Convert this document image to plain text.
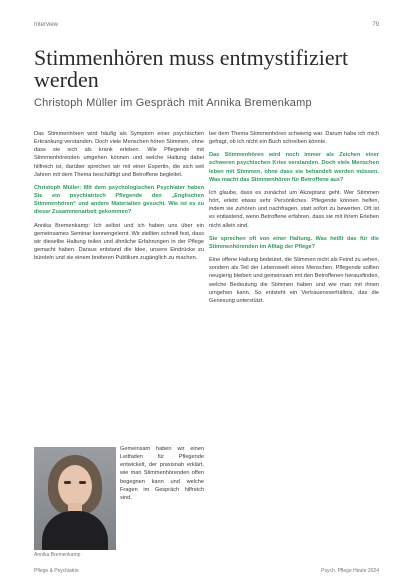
Interview	79
Stimmenhören muss entmystifiziert werden
Christoph Müller im Gespräch mit Annika Bremenkamp

Das Stimmenhören wird häufig als Symptom einer psychischen Erkrankung verstanden. Doch viele Menschen hören Stimmen, ohne dass sie sich als krank erleben. Wie Pflegende mit Stimmenhörenden umgehen können und welche Haltung dabei hilfreich ist, darüber sprechen wir mit einer Expertin, die sich seit Jahren mit dem Thema beschäftigt und Betroffene begleitet.

Christoph Müller: Mit dem psychologischen Psychiater haben Sie ein psychiatrisch Pflegende den „Englischen Stimmenhören“ und andere Materialien gesucht. Wie ist es zu dieser Zusammenarbeit gekommen?

Annika Bremenkamp: Ich selbst und ich haben uns über ein gemeinsames Seminar kennengelernt. Wir stellten schnell fest, dass wir dieselbe Haltung teilen und ähnliche Erfahrungen in der Pflege gemacht haben. Daraus entstand die Idee, unsere Eindrücke zu bündeln und sie einem breiteren Publikum zugänglich zu machen.

Annika Bremenkamp
Gemeinsam haben wir einen Leitfaden für Pflegende entwickelt, der praxisnah erklärt, wie man Stimmenhörenden offen begegnen kann und welche Fragen im Gespräch hilfreich sind.

bei dem Thema Stimmenhören schwierig war. Darum habe ich mich gefragt, ob ich nicht ein Buch schreiben könnte.

Das Stimmenhören wird noch immer als Zeichen einer schweren psychischen Krise verstanden. Doch viele Menschen leben mit Stimmen, ohne dass sie behandelt werden müssen. Was macht das Stimmenhören für Betroffene aus?

Ich glaube, dass es zunächst um Akzeptanz geht. Wer Stimmen hört, erlebt etwas sehr Persönliches. Pflegende können helfen, indem sie zuhören und nachfragen, statt sofort zu bewerten. Oft ist es entlastend, wenn Betroffene erfahren, dass sie mit ihrem Erleben nicht allein sind.

Sie sprechen oft von einer Haltung. Was heißt das für die Stimmenhörenden im Alltag der Pflege?

Eine offene Haltung bedeutet, die Stimmen nicht als Feind zu sehen, sondern als Teil der Lebenswelt eines Menschen. Pflegende sollten neugierig bleiben und gemeinsam mit den Betroffenen herausfinden, welche Bedeutung die Stimmen haben und wie man mit ihnen umgehen kann. So entsteht ein Vertrauensverhältnis, das die Genesung unterstützt.

Pflege & Psychiatrie	Psych. Pflege Heute 2024
